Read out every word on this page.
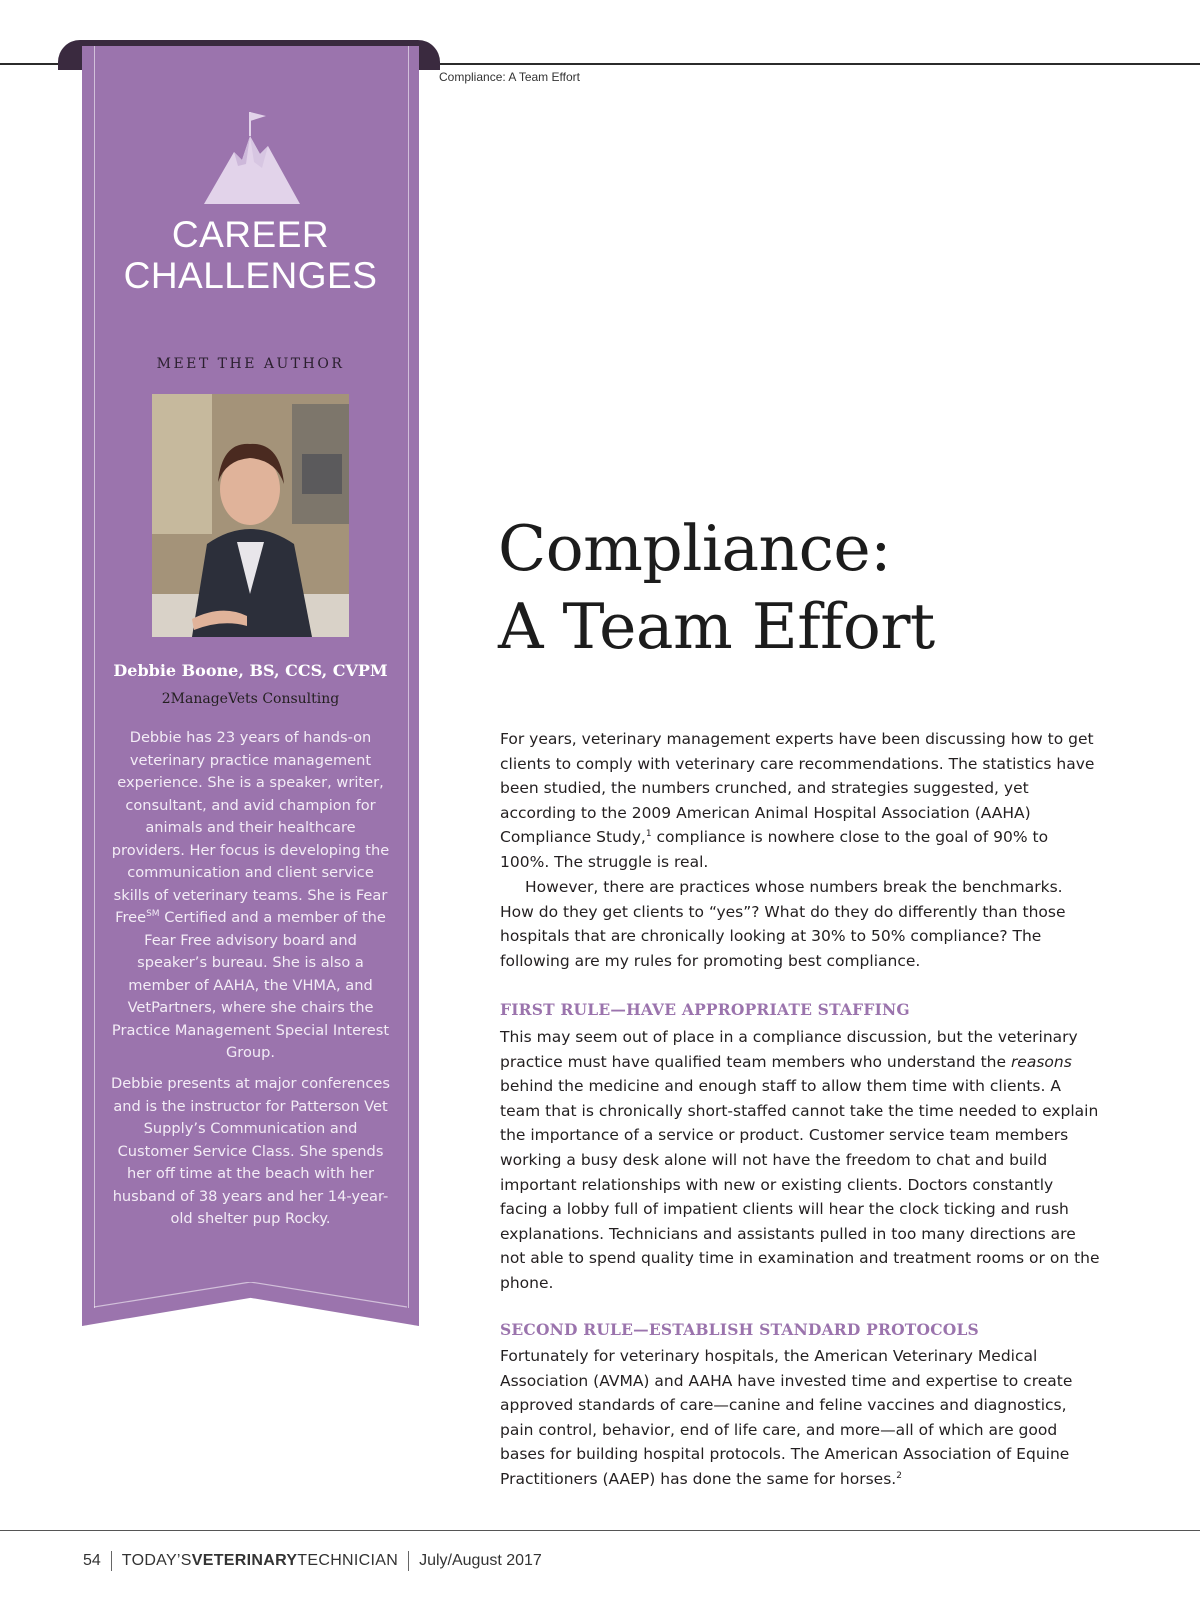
Compliance: A Team Effort
CAREER
CHALLENGES
MEET THE AUTHOR
Debbie Boone, BS, CCS, CVPM
2ManageVets Consulting

Debbie has 23 years of hands-on veterinary practice management experience. She is a speaker, writer, consultant, and avid champion for animals and their healthcare providers. Her focus is developing the communication and client service skills of veterinary teams. She is Fear Free℠ Certified and a member of the Fear Free advisory board and speaker’s bureau. She is also a member of AAHA, the VHMA, and VetPartners, where she chairs the Practice Management Special Interest Group.

Debbie presents at major conferences and is the instructor for Patterson Vet Supply’s Communication and Customer Service Class. She spends her off time at the beach with her husband of 38 years and her 14-year-old shelter pup Rocky.

Compliance:
A Team Effort

For years, veterinary management experts have been discussing how to get clients to comply with veterinary care recommendations. The statistics have been studied, the numbers crunched, and strategies suggested, yet according to the 2009 American Animal Hospital Association (AAHA) Compliance Study,$^1$ compliance is nowhere close to the goal of 90% to 100%. The struggle is real.

However, there are practices whose numbers break the benchmarks. How do they get clients to “yes”? What do they do differently than those hospitals that are chronically looking at 30% to 50% compliance? The following are my rules for promoting best compliance.

FIRST RULE—HAVE APPROPRIATE STAFFING

This may seem out of place in a compliance discussion, but the veterinary practice must have qualified team members who understand the reasons behind the medicine and enough staff to allow them time with clients. A team that is chronically short-staffed cannot take the time needed to explain the importance of a service or product. Customer service team members working a busy desk alone will not have the freedom to chat and build important relationships with new or existing clients. Doctors constantly facing a lobby full of impatient clients will hear the clock ticking and rush explanations. Technicians and assistants pulled in too many directions are not able to spend quality time in examination and treatment rooms or on the phone.

SECOND RULE—ESTABLISH STANDARD PROTOCOLS

Fortunately for veterinary hospitals, the American Veterinary Medical Association (AVMA) and AAHA have invested time and expertise to create approved standards of care—canine and feline vaccines and diagnostics, pain control, behavior, end of life care, and more—all of which are good bases for building hospital protocols. The American Association of Equine Practitioners (AAEP) has done the same for horses.$^2$

54 TODAY’SVETERINARYTECHNICIAN July/August 2017
